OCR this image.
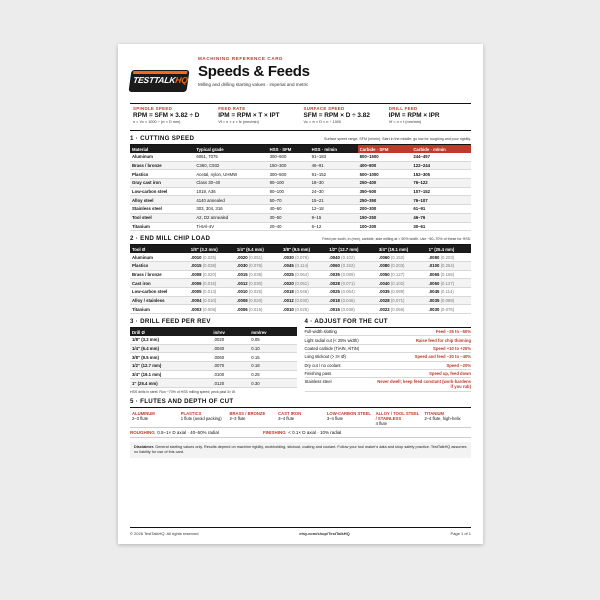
TESTTALKHQ
MACHINING REFERENCE CARD
Speeds & Feeds
Milling and drilling starting values · imperial and metric
SPINDLE SPEED
RPM = SFM × 3.82 ÷ D
n = Vc × 1000 ÷ (π × D mm)
FEED RATE
IPM = RPM × T × IPT
Vf = n × z × fz (mm/min)
SURFACE SPEED
SFM = RPM × D ÷ 3.82
Vc = π × D × n ÷ 1000
DRILL FEED
IPM = RPM × IPR
Vf = n × f (mm/min)
1 · CUTTING SPEED	Surface speed range, SFM (m/min). Start in the middle; go low for roughing and poor rigidity.
Material	Typical grade	HSS · SFM	HSS · m/min	Carbide · SFM	Carbide · m/min
Aluminum	6061, 7075	300–600	91–183	800–1500	244–457
Brass / bronze	C360, C932	150–300	46–91	400–800	122–244
Plastics	Acetal, nylon, UHMW	300–500	91–152	500–1000	152–305
Gray cast iron	Class 30–40	80–100	18–30	250–400	76–122
Low-carbon steel	1018, A36	80–100	24–30	350–500	107–152
Alloy steel	4140 annealed	50–70	15–21	250–350	76–107
Stainless steel	303, 304, 316	40–60	12–18	200–300	61–91
Tool steel	A2, D2 annealed	30–50	9–15	150–250	46–76
Titanium	Ti-6Al-4V	20–40	6–12	100–200	30–61
2 · END MILL CHIP LOAD	Feed per tooth, in (mm), carbide, side milling at ≈ 50% width. Use ~50–70% of these for HSS.
Tool Ø	1/8" (3.2 mm)	1/4" (6.4 mm)	3/8" (9.5 mm)	1/2" (12.7 mm)	3/4" (19.1 mm)	1" (25.4 mm)
Aluminum	.0010 (0.025)	.0020 (0.051)	.0030 (0.076)	.0040 (0.102)	.0060 (0.152)	.0080 (0.203)
Plastics	.0015 (0.038)	.0030 (0.076)	.0045 (0.114)	.0060 (0.152)	.0080 (0.203)	.0100 (0.254)
Brass / bronze	.0008 (0.020)	.0015 (0.038)	.0025 (0.064)	.0035 (0.089)	.0050 (0.127)	.0065 (0.165)
Cast iron	.0006 (0.015)	.0012 (0.030)	.0020 (0.051)	.0028 (0.071)	.0040 (0.102)	.0050 (0.127)
Low-carbon steel	.0005 (0.013)	.0010 (0.025)	.0018 (0.046)	.0025 (0.064)	.0035 (0.089)	.0045 (0.114)
Alloy / stainless	.0004 (0.010)	.0008 (0.020)	.0012 (0.030)	.0018 (0.046)	.0028 (0.071)	.0035 (0.089)
Titanium	.0003 (0.008)	.0006 (0.015)	.0010 (0.025)	.0015 (0.038)	.0022 (0.056)	.0030 (0.076)
3 · DRILL FEED PER REV
Drill Ø	in/rev	mm/rev
1/8" (3.2 mm)	.0020	0.05
1/4" (6.4 mm)	.0040	0.10
3/8" (9.5 mm)	.0060	0.15
1/2" (12.7 mm)	.0070	0.18
3/4" (19.1 mm)	.0100	0.25
1" (25.4 mm)	.0120	0.30
HSS drills in steel. Run ~70% of HSS milling speed; peck past 3× Ø.
4 · ADJUST FOR THE CUT
Full-width slotting	Feed −25 to −50%
Light radial cut (< 25% width)	Raise feed for chip thinning
Coated carbide (TiAlN, AlTiN)	Speed +10 to +20%
Long stickout (> 3× Ø)	Speed and feed −20 to −40%
Dry cut / no coolant	Speed −20%
Finishing pass	Speed up, feed down
Stainless steel	Never dwell; keep feed constant (work-hardens if you rub)
5 · FLUTES AND DEPTH OF CUT
ALUMINUM
2–3 flute
PLASTICS
1 flute (avoid packing)
BRASS / BRONZE
2–3 flute
CAST IRON
3–4 flute
LOW-CARBON STEEL
3–4 flute
ALLOY / TOOL STEEL / STAINLESS
4 flute
TITANIUM
2–4 flute, high-helix
ROUGHING 0.5–1× D axial · 40–50% radial	FINISHING < 0.1× D axial · 10% radial
Disclaimer. General starting values only. Results depend on machine rigidity, workholding, stickout, coating and coolant. Follow your tool maker's data and shop safety practice. TestTalkHQ assumes no liability for use of this card.
© 2026 TestTalkHQ. All rights reserved	etsy.com/shop/TestTalkHQ	Page 1 of 1
